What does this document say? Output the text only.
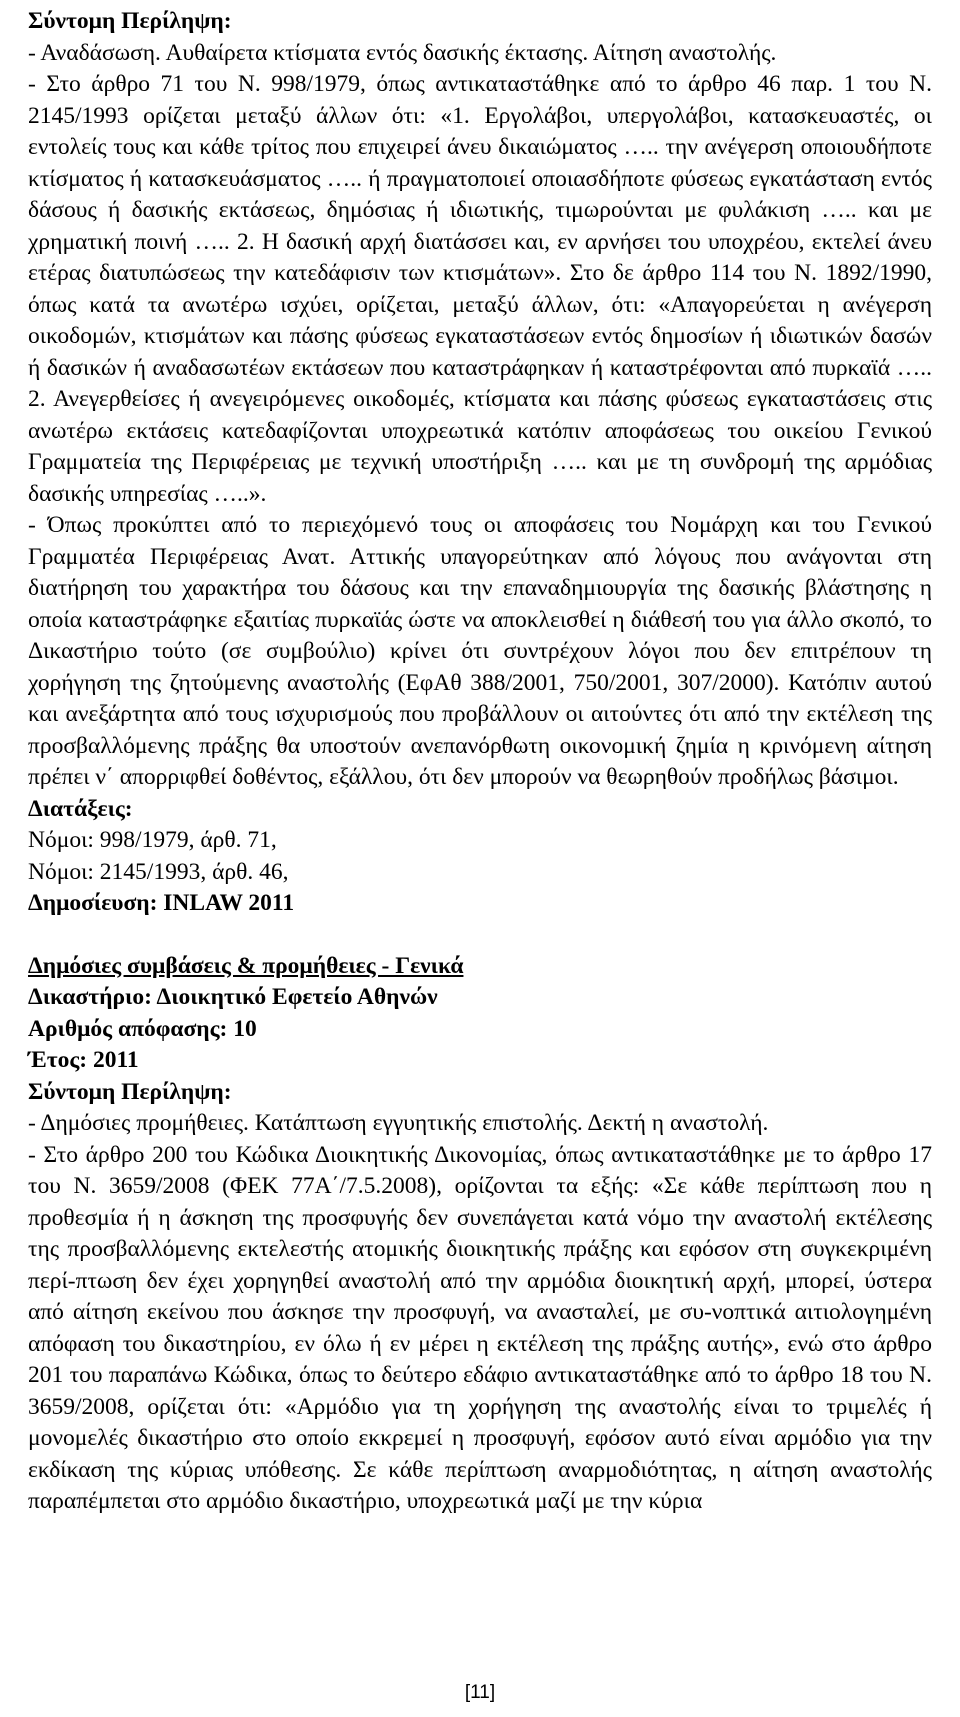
Σύντομη Περίληψη:

- Αναδάσωση. Αυθαίρετα κτίσματα εντός δασικής έκτασης. Αίτηση αναστολής.

- Στο άρθρο 71 του Ν. 998/1979, όπως αντικαταστάθηκε από το άρθρο 46 παρ. 1 του Ν. 2145/1993 ορίζεται μεταξύ άλλων ότι: «1. Εργολάβοι, υπεργολάβοι, κατασκευαστές, οι εντολείς τους και κάθε τρίτος που επιχειρεί άνευ δικαιώματος ….. την ανέγερση οποιουδήποτε κτίσματος ή κατασκευάσματος ….. ή πραγματοποιεί οποιασδήποτε φύσεως εγκατάσταση εντός δάσους ή δασικής εκτάσεως, δημόσιας ή ιδιωτικής, τιμωρούνται με φυλάκιση ….. και με χρηματική ποινή ….. 2. Η δασική αρχή διατάσσει και, εν αρνήσει του υποχρέου, εκτελεί άνευ ετέρας διατυπώσεως την κατεδάφισιν των κτισμάτων». Στο δε άρθρο 114 του Ν. 1892/1990, όπως κατά τα ανωτέρω ισχύει, ορίζεται, μεταξύ άλλων, ότι: «Απαγορεύεται η ανέγερση οικοδομών, κτισμάτων και πάσης φύσεως εγκαταστάσεων εντός δημοσίων ή ιδιωτικών δασών ή δασικών ή αναδασωτέων εκτάσεων που καταστράφηκαν ή καταστρέφονται από πυρκαϊά ….. 2. Ανεγερθείσες ή ανεγειρόμενες οικοδομές, κτίσματα και πάσης φύσεως εγκαταστάσεις στις ανωτέρω εκτάσεις κατεδαφίζονται υποχρεωτικά κατόπιν αποφάσεως του οικείου Γενικού Γραμματεία της Περιφέρειας με τεχνική υποστήριξη ….. και με τη συνδρομή της αρμόδιας δασικής υπηρεσίας …..».

- Όπως προκύπτει από το περιεχόμενό τους οι αποφάσεις του Νομάρχη και του Γενικού Γραμματέα Περιφέρειας Ανατ. Αττικής υπαγορεύτηκαν από λόγους που ανάγονται στη διατήρηση του χαρακτήρα του δάσους και την επαναδημιουργία της δασικής βλάστησης η οποία καταστράφηκε εξαιτίας πυρκαϊάς ώστε να αποκλεισθεί η διάθεσή του για άλλο σκοπό, το Δικαστήριο τούτο (σε συμβούλιο) κρίνει ότι συντρέχουν λόγοι που δεν επιτρέπουν τη χορήγηση της ζητούμενης αναστολής (ΕφΑθ 388/2001, 750/2001, 307/2000). Κατόπιν αυτού και ανεξάρτητα από τους ισχυρισμούς που προβάλλουν οι αιτούντες ότι από την εκτέλεση της προσβαλλόμενης πράξης θα υποστούν ανεπανόρθωτη οικονομική ζημία η κρινόμενη αίτηση πρέπει ν΄ απορριφθεί δοθέντος, εξάλλου, ότι δεν μπορούν να θεωρηθούν προδήλως βάσιμοι.

Διατάξεις:

Νόμοι: 998/1979, άρθ. 71,

Νόμοι: 2145/1993, άρθ. 46,

Δημοσίευση: INLAW 2011

Δημόσιες συμβάσεις & προμήθειες - Γενικά

Δικαστήριο: Διοικητικό Εφετείο Αθηνών

Αριθμός απόφασης: 10

Έτος: 2011

Σύντομη Περίληψη:

- Δημόσιες προμήθειες. Κατάπτωση εγγυητικής επιστολής. Δεκτή η αναστολή.

- Στο άρθρο 200 του Κώδικα Διοικητικής Δικονομίας, όπως αντικαταστάθηκε με το άρθρο 17 του Ν. 3659/2008 (ΦΕΚ 77Α΄/7.5.2008), ορίζονται τα εξής: «Σε κάθε περίπτωση που η προθεσμία ή η άσκηση της προσφυγής δεν συνεπάγεται κατά νόμο την αναστολή εκτέλεσης της προσβαλλόμενης εκτελεστής ατομικής διοικητικής πράξης και εφόσον στη συγκεκριμένη περί-πτωση δεν έχει χορηγηθεί αναστολή από την αρμόδια διοικητική αρχή, μπορεί, ύστερα από αίτηση εκείνου που άσκησε την προσφυγή, να ανασταλεί, με συ-νοπτικά αιτιολογημένη απόφαση του δικαστηρίου, εν όλω ή εν μέρει η εκτέλεση της πράξης αυτής», ενώ στο άρθρο 201 του παραπάνω Κώδικα, όπως το δεύτερο εδάφιο αντικαταστάθηκε από το άρθρο 18 του Ν. 3659/2008, ορίζεται ότι: «Αρμόδιο για τη χορήγηση της αναστολής είναι το τριμελές ή μονομελές δικαστήριο στο οποίο εκκρεμεί η προσφυγή, εφόσον αυτό είναι αρμόδιο για την εκδίκαση της κύριας υπόθεσης. Σε κάθε περίπτωση αναρμοδιότητας, η αίτηση αναστολής παραπέμπεται στο αρμόδιο δικαστήριο, υποχρεωτικά μαζί με την κύρια

[11]
